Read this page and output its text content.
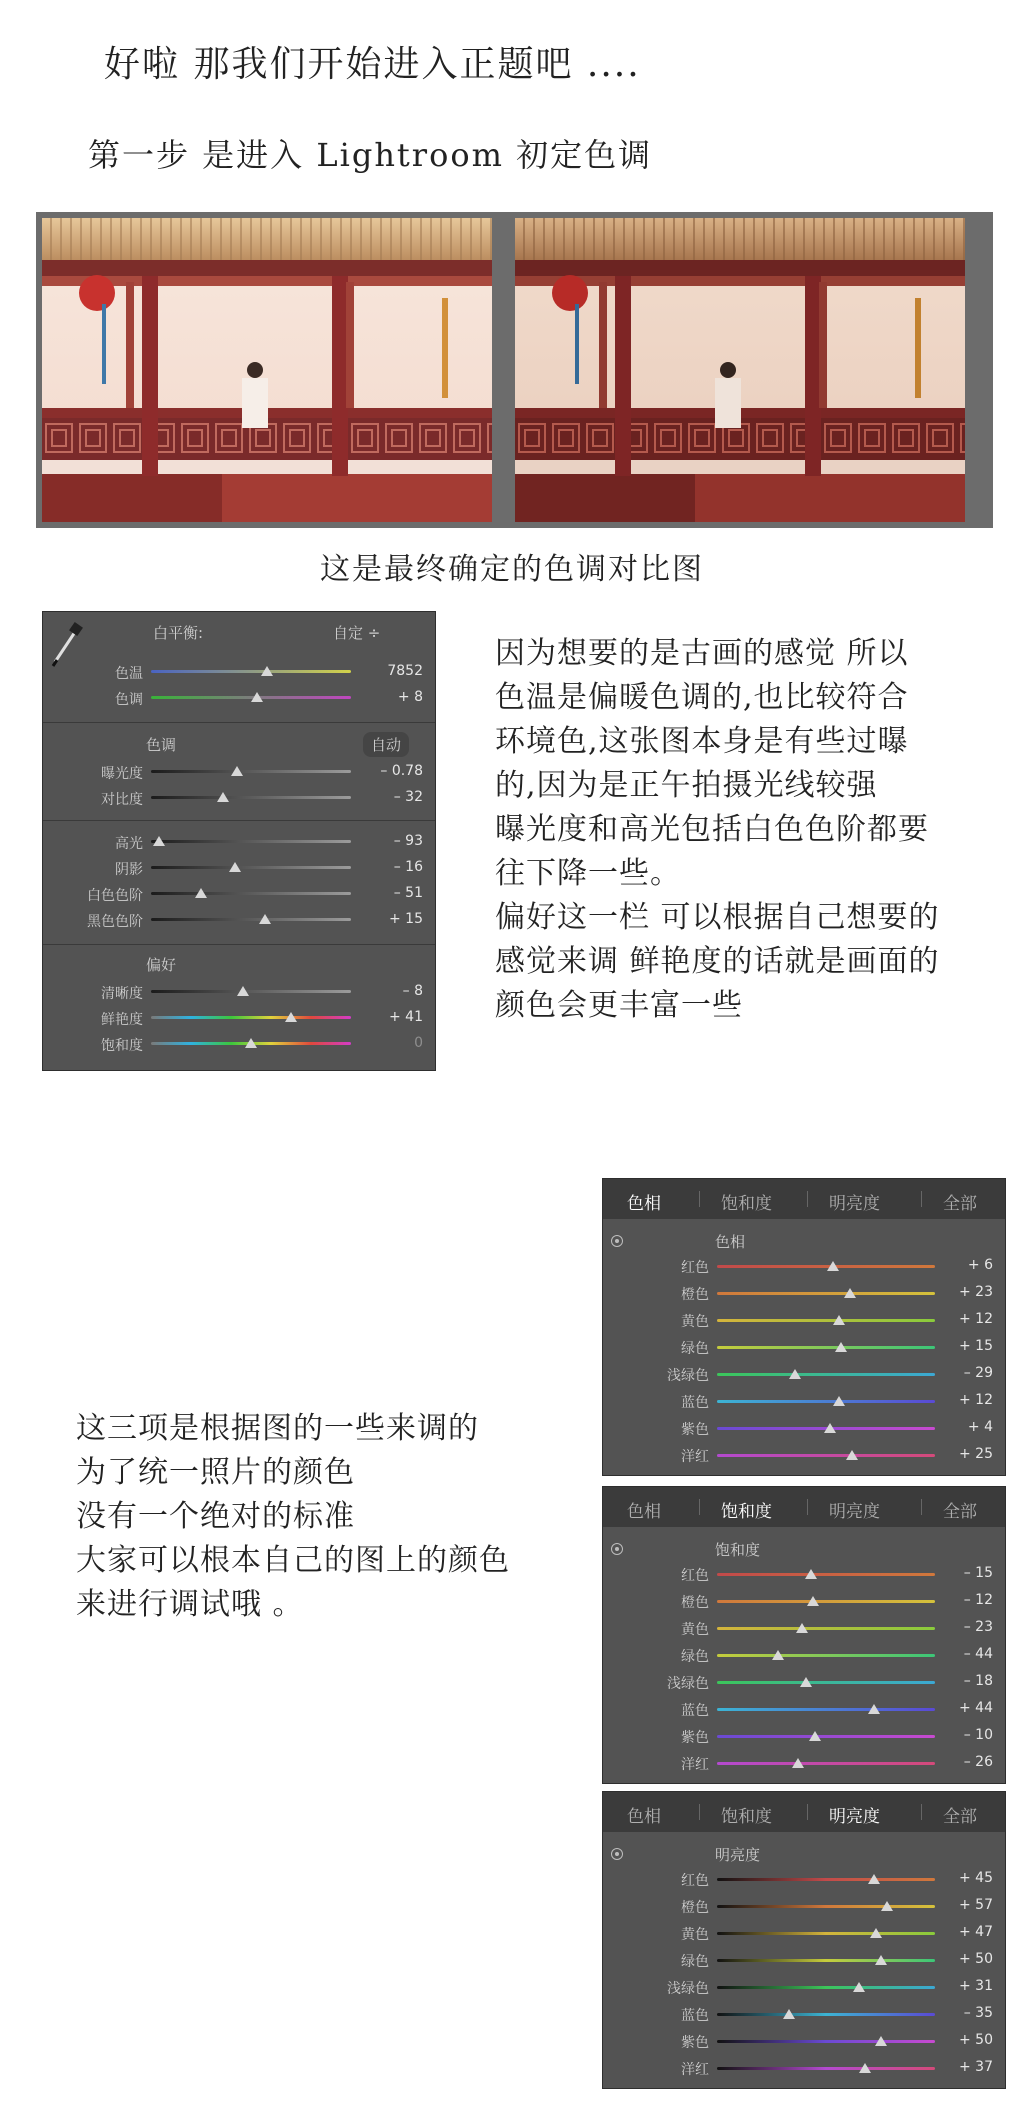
好啦 那我们开始进入正题吧 ....
第一步 是进入 Lightroom 初定色调
这是最终确定的色调对比图
白平衡:	自定 ÷
色温	7852
色调	+ 8
色调	自动
曝光度	– 0.78
对比度	– 32
高光	– 93
阴影	– 16
白色色阶	– 51
黑色色阶	+ 15
偏好
清晰度	– 8
鲜艳度	+ 41
饱和度	0
因为想要的是古画的感觉 所以
色温是偏暖色调的,也比较符合
环境色,这张图本身是有些过曝
的,因为是正午拍摄光线较强
曝光度和高光包括白色色阶都要
往下降一些。
偏好这一栏 可以根据自己想要的
感觉来调 鲜艳度的话就是画面的
颜色会更丰富一些
这三项是根据图的一些来调的
为了统一照片的颜色
没有一个绝对的标准
大家可以根本自己的图上的颜色
来进行调试哦 。
色相	饱和度	明亮度	全部
色相
红色	+ 6
橙色	+ 23
黄色	+ 12
绿色	+ 15
浅绿色	– 29
蓝色	+ 12
紫色	+ 4
洋红	+ 25
色相	饱和度	明亮度	全部
饱和度
红色	– 15
橙色	– 12
黄色	– 23
绿色	– 44
浅绿色	– 18
蓝色	+ 44
紫色	– 10
洋红	– 26
色相	饱和度	明亮度	全部
明亮度
红色	+ 45
橙色	+ 57
黄色	+ 47
绿色	+ 50
浅绿色	+ 31
蓝色	– 35
紫色	+ 50
洋红	+ 37
